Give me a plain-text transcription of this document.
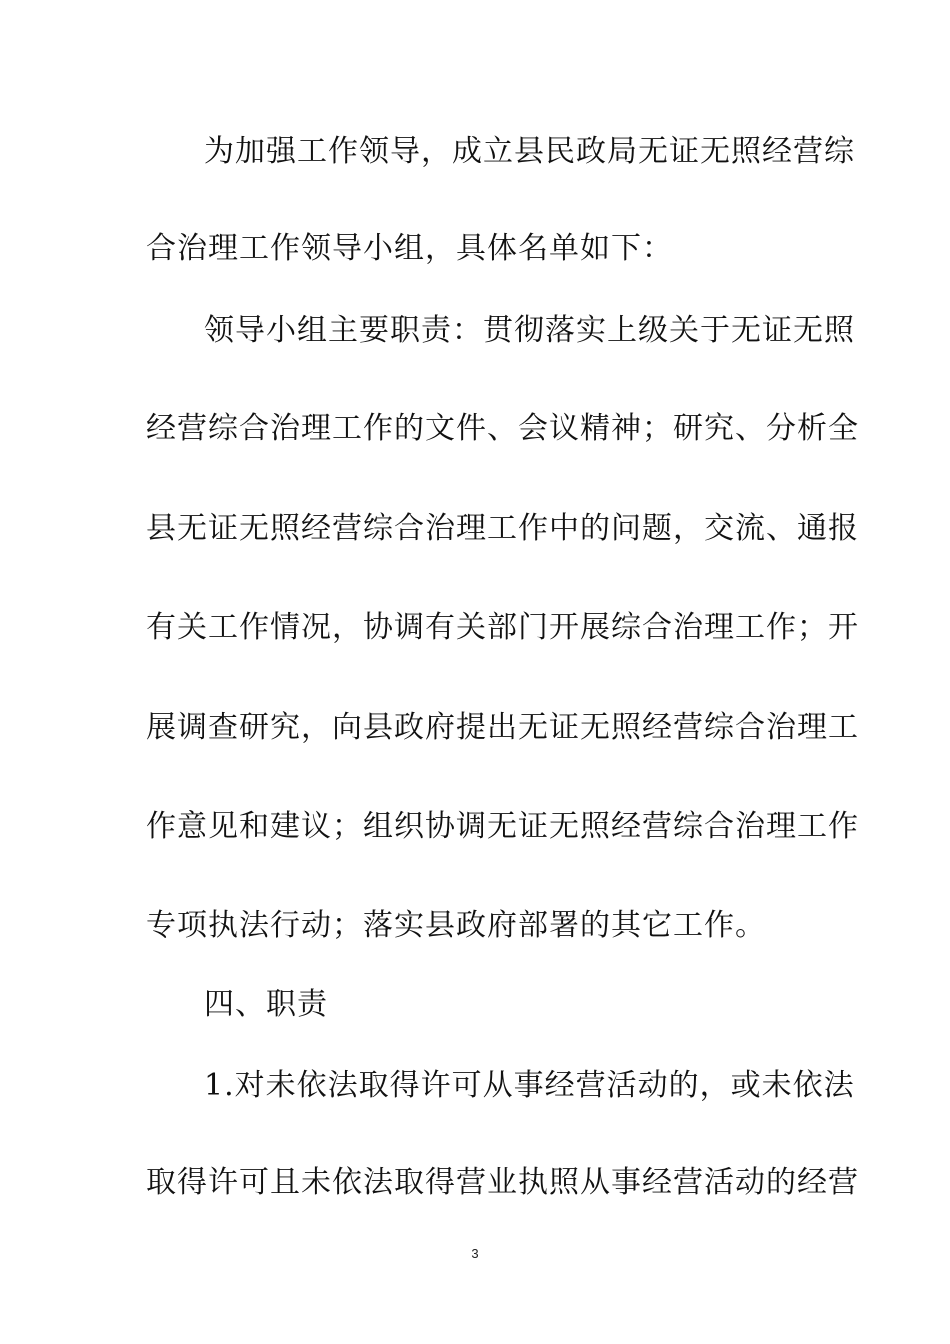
为加强工作领导，成立县民政局无证无照经营综
合治理工作领导小组，具体名单如下：
领导小组主要职责：贯彻落实上级关于无证无照
经营综合治理工作的文件、会议精神；研究、分析全
县无证无照经营综合治理工作中的问题，交流、通报
有关工作情况，协调有关部门开展综合治理工作；开
展调查研究，向县政府提出无证无照经营综合治理工
作意见和建议；组织协调无证无照经营综合治理工作
专项执法行动；落实县政府部署的其它工作。
四、职责
1.对未依法取得许可从事经营活动的，或未依法
取得许可且未依法取得营业执照从事经营活动的经营
3
